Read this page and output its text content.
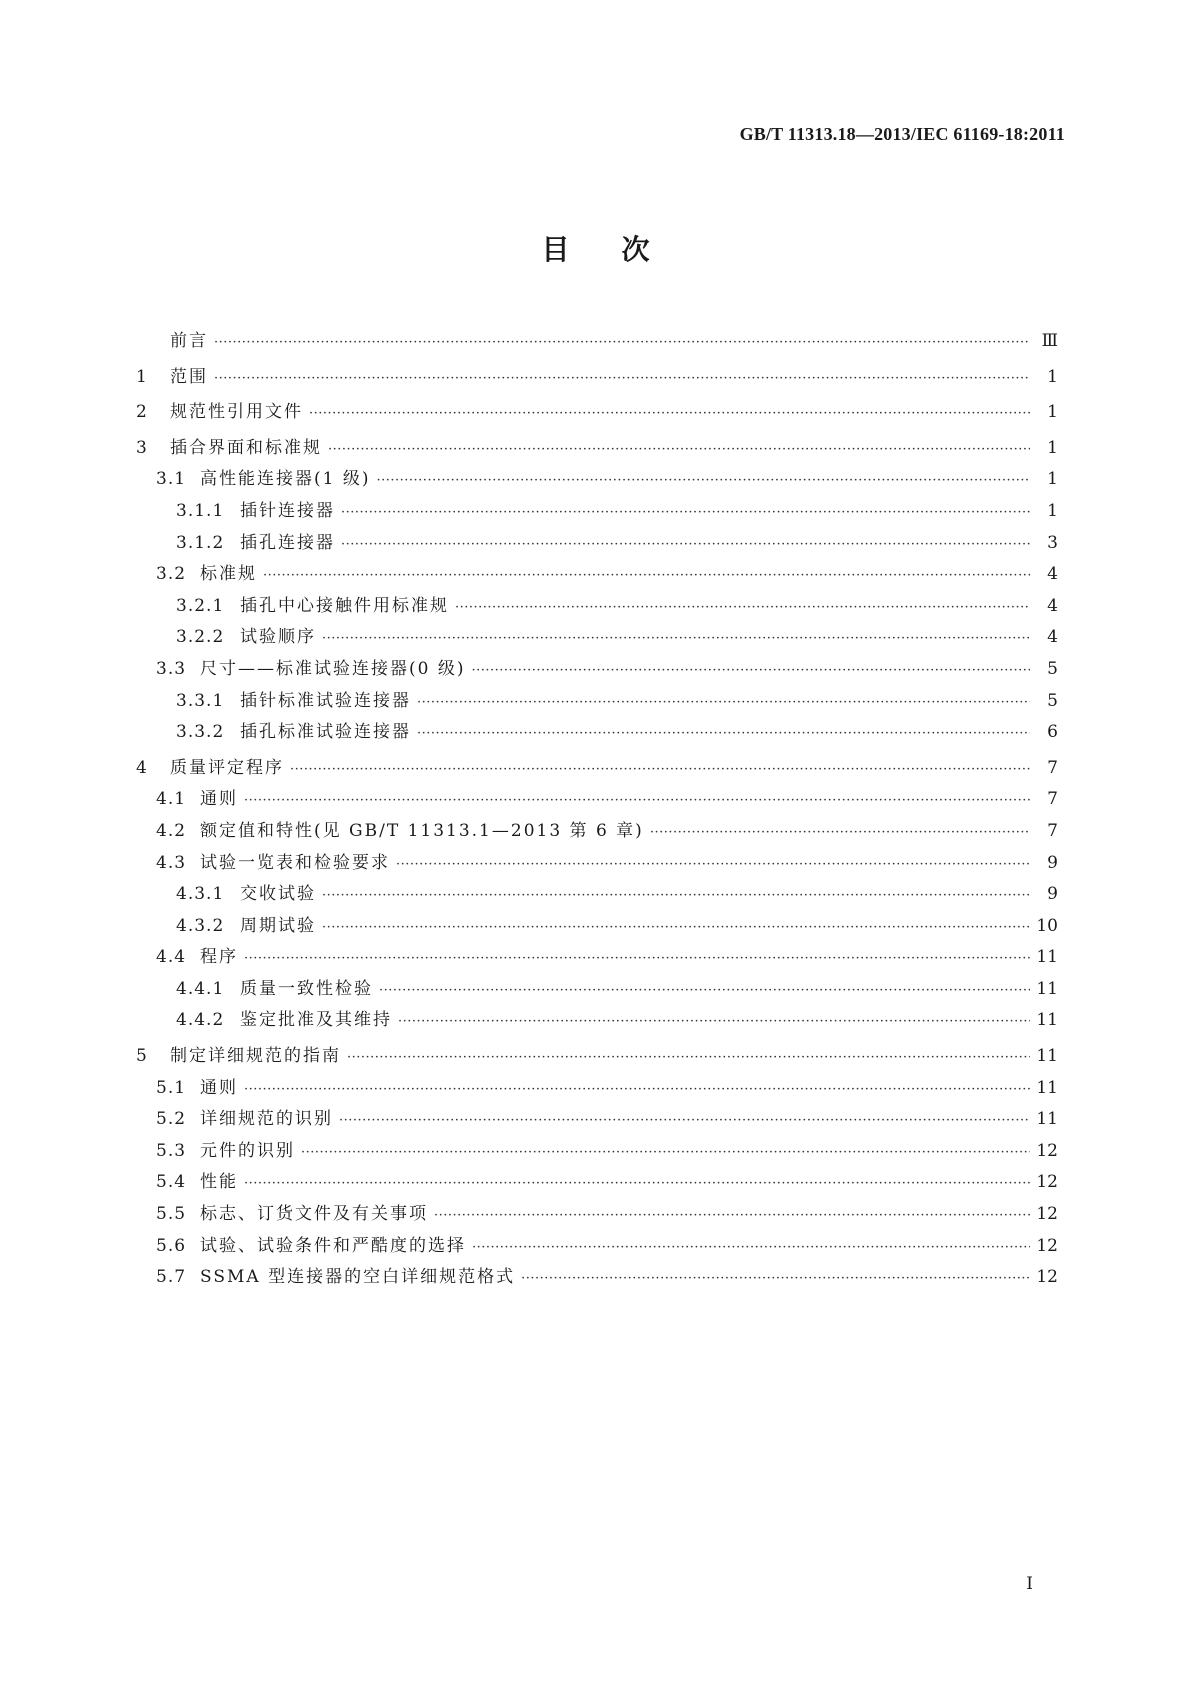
GB/T 11313.18—2013/IEC 61169-18:2011
目次
前言 ·····	Ⅲ
1	范围 ·····	1
2	规范性引用文件 ·····	1
3	插合界面和标准规 ·····	1
3.1 高性能连接器(1 级) ·····	1
3.1.1 插针连接器 ·····	1
3.1.2 插孔连接器 ·····	3
3.2 标准规 ·····	4
3.2.1 插孔中心接触件用标准规 ·····	4
3.2.2 试验顺序 ·····	4
3.3 尺寸——标准试验连接器(0 级) ·····	5
3.3.1 插针标准试验连接器 ·····	5
3.3.2 插孔标准试验连接器 ·····	6
4	质量评定程序 ·····	7
4.1 通则 ·····	7
4.2 额定值和特性(见 GB/T 11313.1—2013 第 6 章) ·····	7
4.3 试验一览表和检验要求 ·····	9
4.3.1 交收试验 ·····	9
4.3.2 周期试验 ·····	10
4.4 程序 ·····	11
4.4.1 质量一致性检验 ·····	11
4.4.2 鉴定批准及其维持 ·····	11
5	制定详细规范的指南 ·····	11
5.1 通则 ·····	11
5.2 详细规范的识别 ·····	11
5.3 元件的识别 ·····	12
5.4 性能 ·····	12
5.5 标志、订货文件及有关事项 ·····	12
5.6 试验、试验条件和严酷度的选择 ·····	12
5.7 SSMA 型连接器的空白详细规范格式 ·····	12
I
